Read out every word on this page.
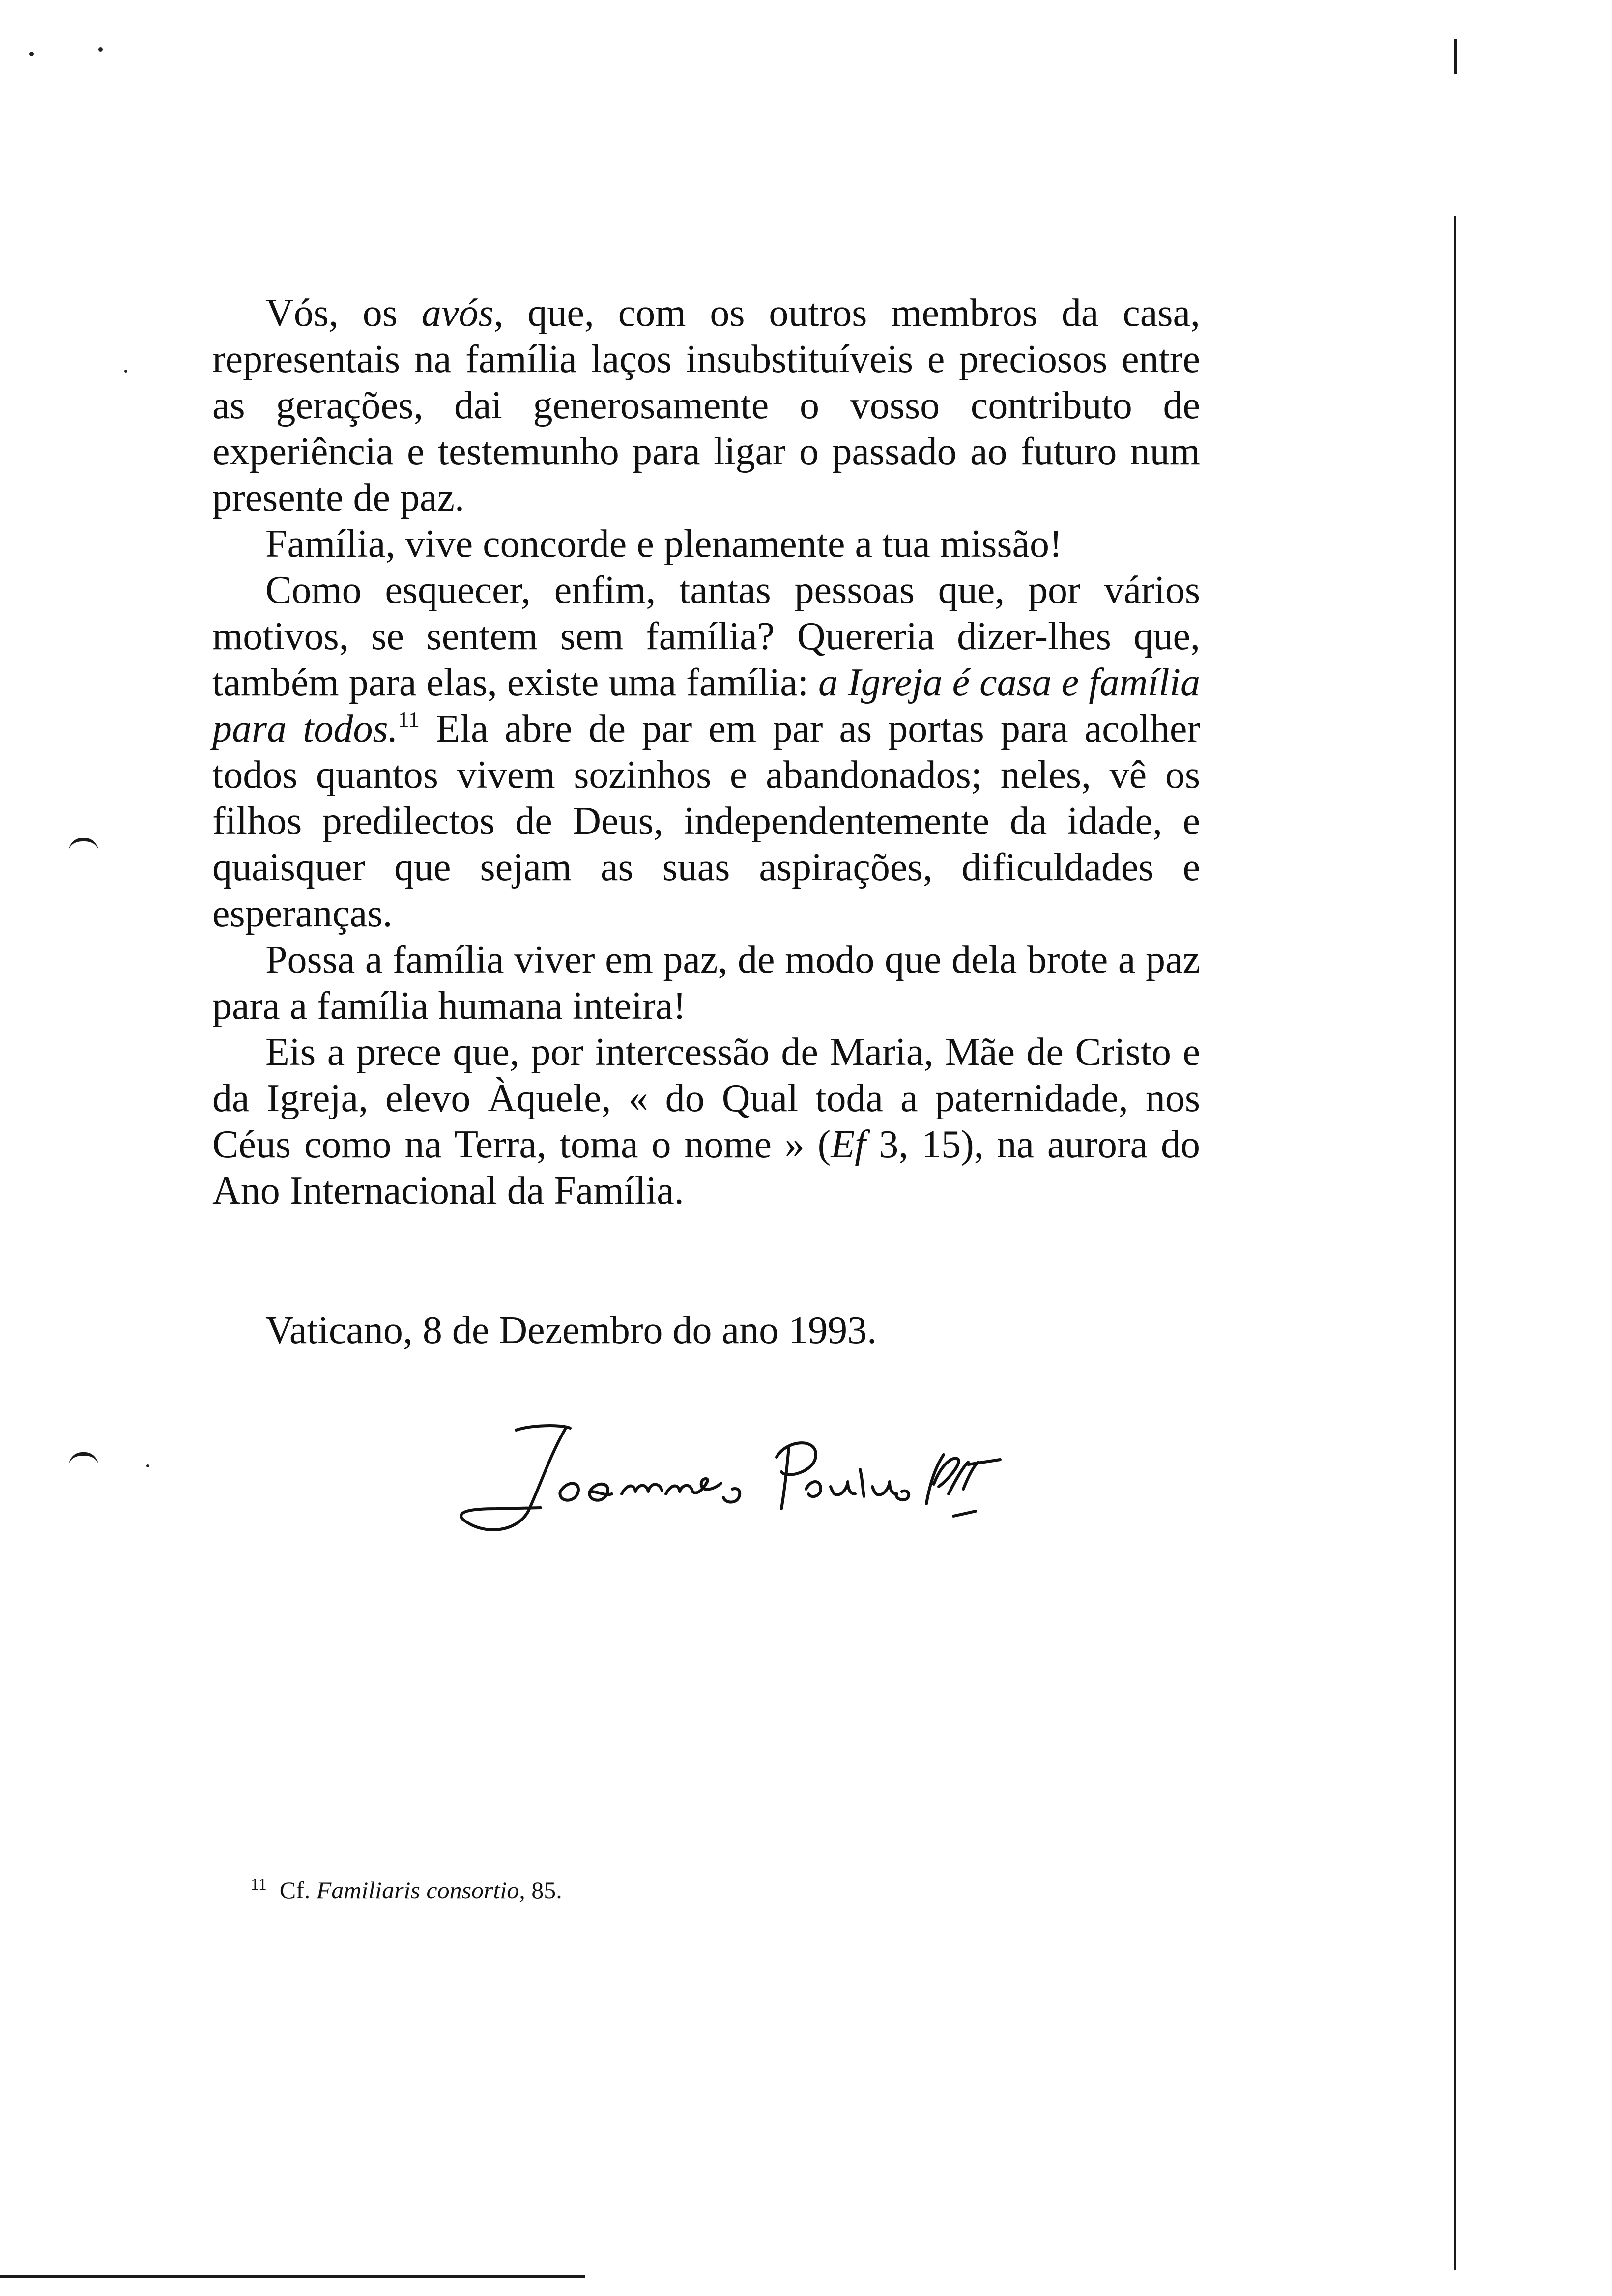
Vós, os avós, que, com os outros membros da casa, representais na família laços insubstituíveis e preciosos entre as gerações, dai generosamente o vosso contributo de experiência e testemunho para ligar o passado ao futuro num presente de paz.

Família, vive concorde e plenamente a tua missão!

Como esquecer, enfim, tantas pessoas que, por vários motivos, se sentem sem família? Quereria dizer-lhes que, também para elas, existe uma família: a Igreja é casa e família para todos.$^{11}$ Ela abre de par em par as portas para acolher todos quantos vivem sozinhos e abandonados; neles, vê os filhos predilectos de Deus, independentemente da idade, e quaisquer que sejam as suas aspirações, dificuldades e esperanças.

Possa a família viver em paz, de modo que dela brote a paz para a família humana inteira!

Eis a prece que, por intercessão de Maria, Mãe de Cristo e da Igreja, elevo Àquele, « do Qual toda a paternidade, nos Céus como na Terra, toma o nome » (Ef 3, 15), na aurora do Ano Internacional da Família.

Vaticano, 8 de Dezembro do ano 1993.
$^{11}$ Cf. Familiaris consortio, 85.
